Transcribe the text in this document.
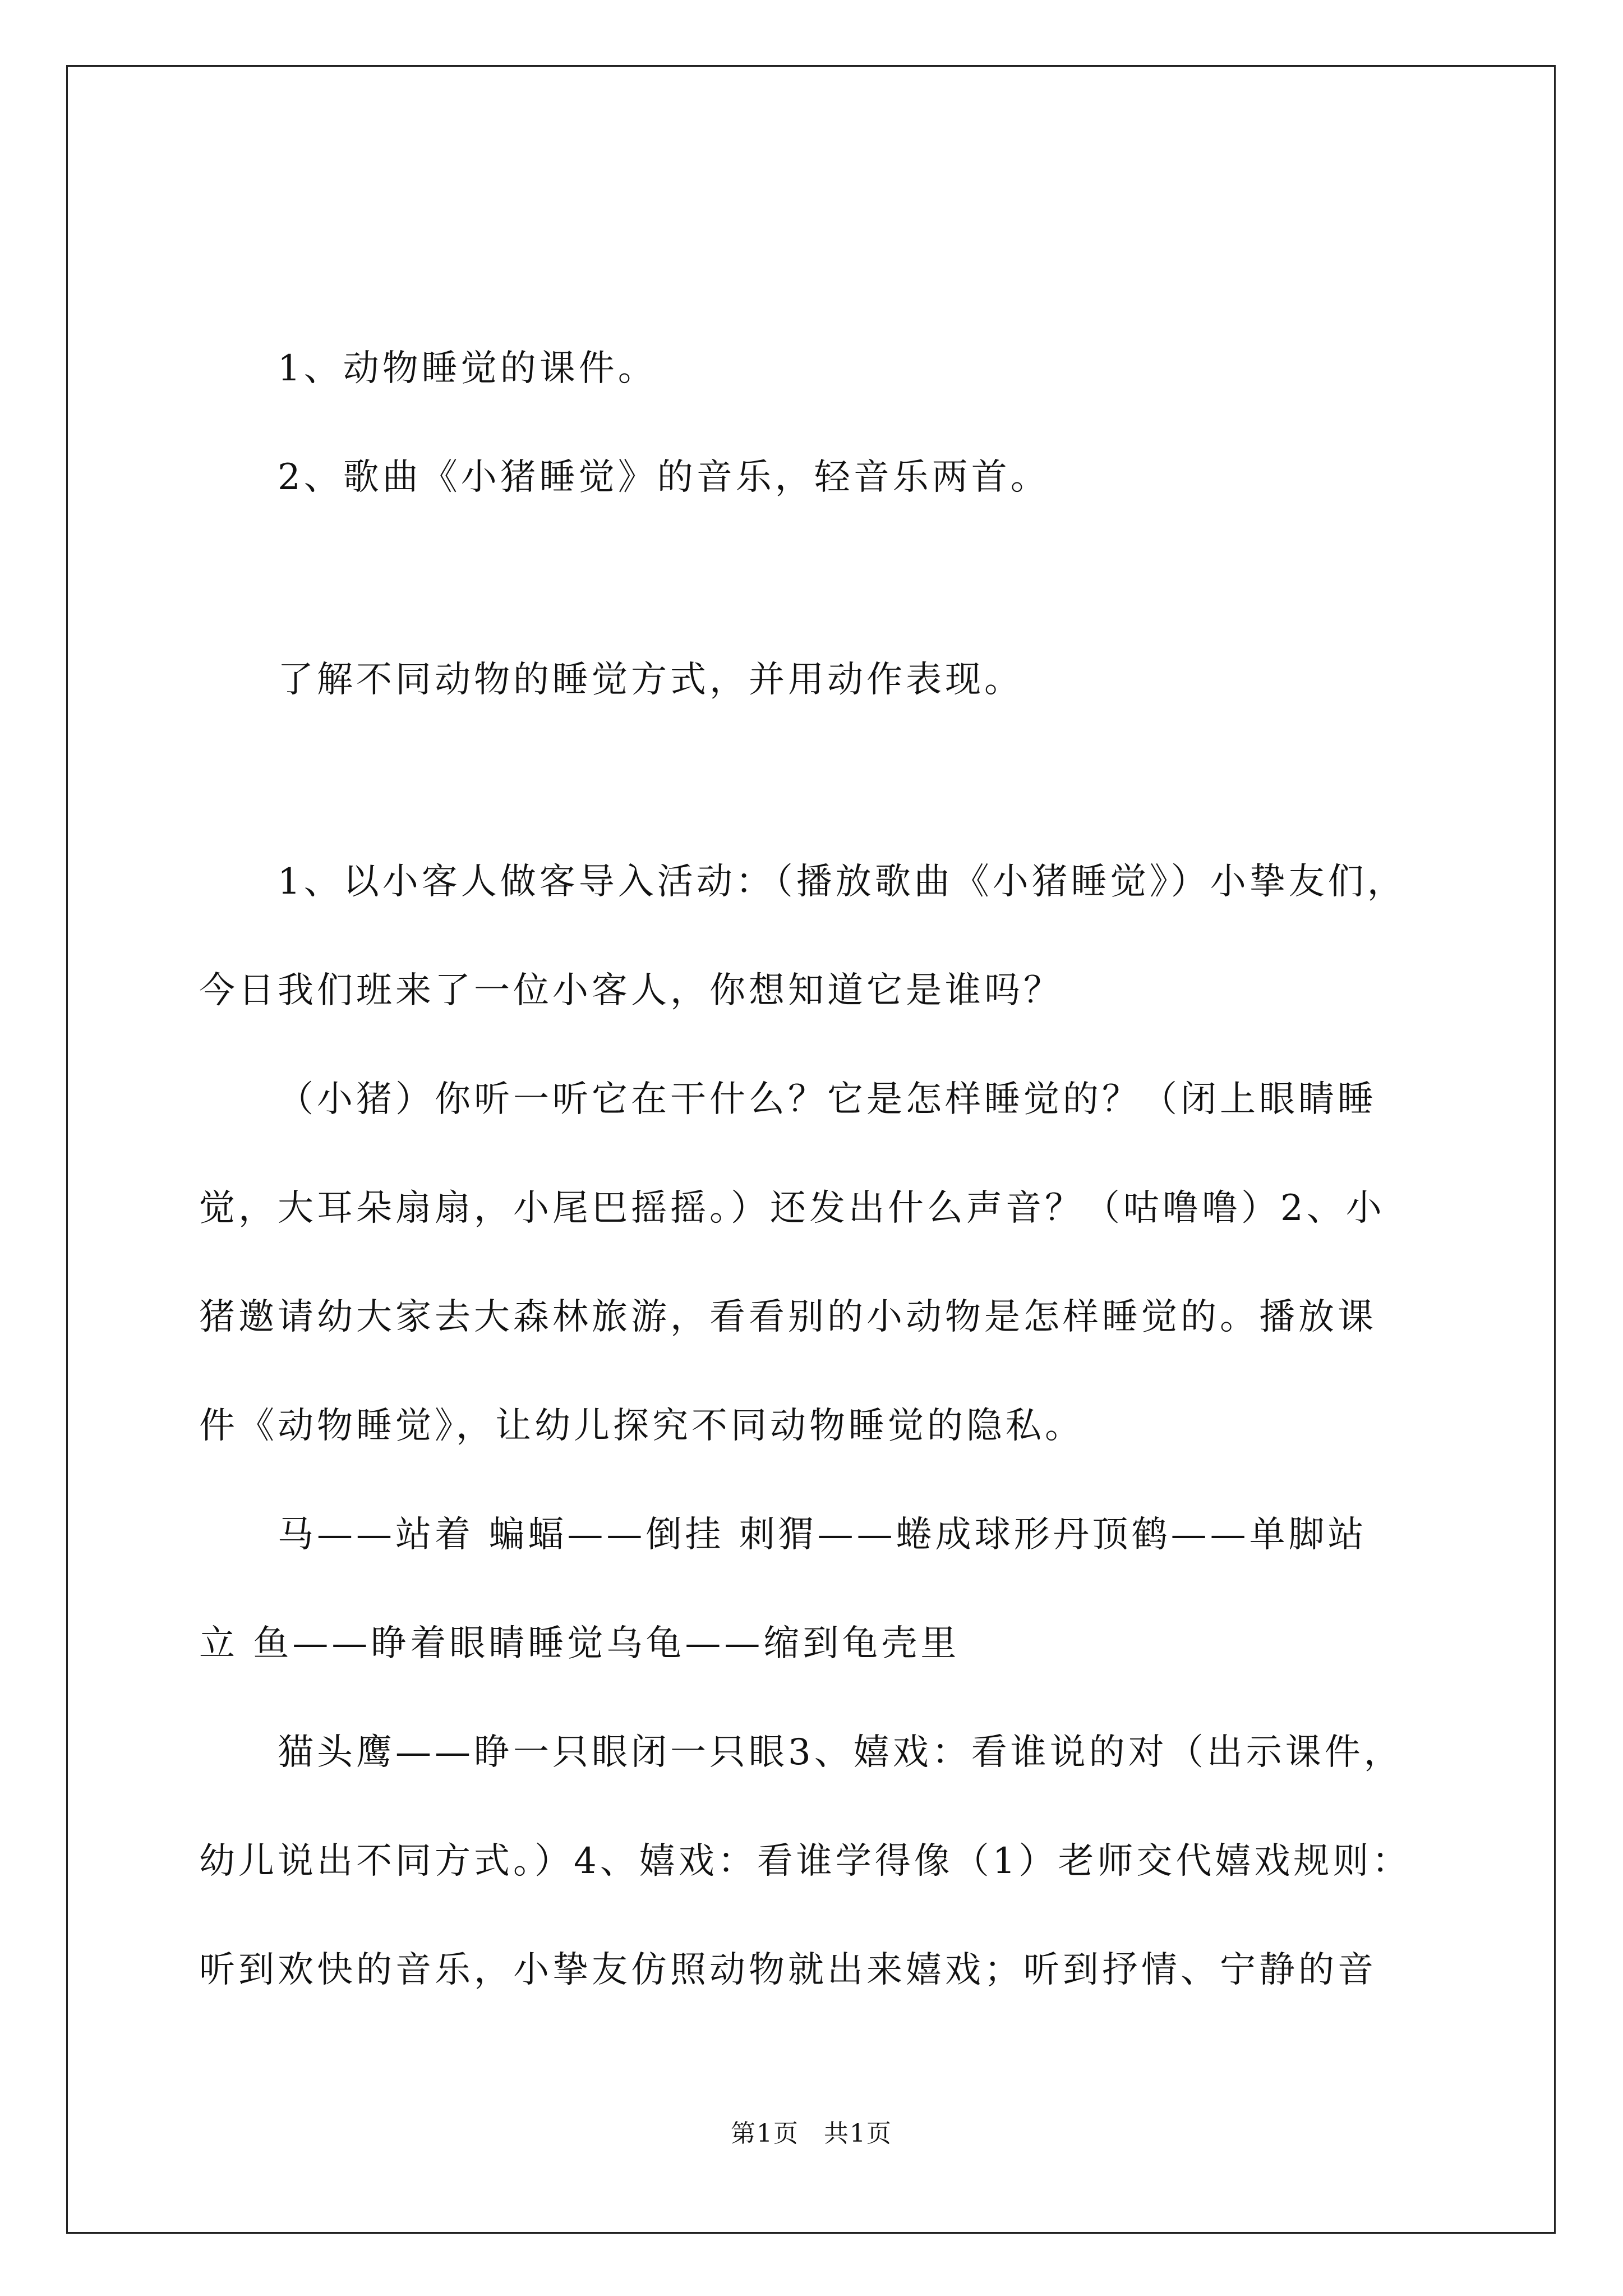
1、动物睡觉的课件。

2、歌曲《小猪睡觉》的音乐，轻音乐两首。

了解不同动物的睡觉方式，并用动作表现。

1、以小客人做客导入活动：（播放歌曲《小猪睡觉》）小挚友们，

今日我们班来了一位小客人，你想知道它是谁吗？

（小猪）你听一听它在干什么？它是怎样睡觉的？（闭上眼睛睡

觉，大耳朵扇扇，小尾巴摇摇。）还发出什么声音？（咕噜噜）2、小

猪邀请幼大家去大森林旅游，看看别的小动物是怎样睡觉的。播放课

件《动物睡觉》，让幼儿探究不同动物睡觉的隐私。

马——站着 蝙蝠——倒挂 刺猬——蜷成球形丹顶鹤——单脚站

立 鱼——睁着眼睛睡觉乌龟——缩到龟壳里

猫头鹰——睁一只眼闭一只眼3、嬉戏：看谁说的对（出示课件，

幼儿说出不同方式。）4、嬉戏：看谁学得像（1）老师交代嬉戏规则：

听到欢快的音乐，小挚友仿照动物就出来嬉戏；听到抒情、宁静的音

第1页 共1页
